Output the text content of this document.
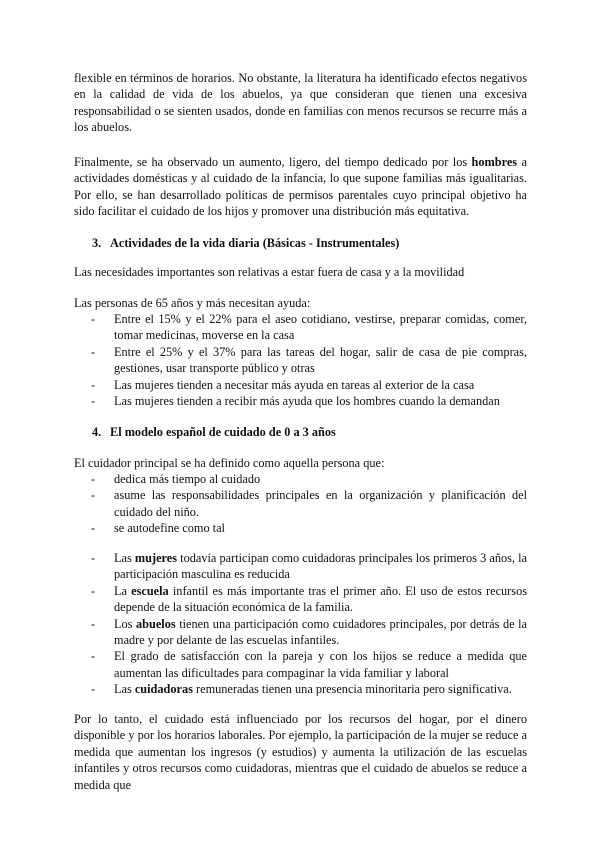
flexible en términos de horarios. No obstante, la literatura ha identificado efectos negativos en la calidad de vida de los abuelos, ya que consideran que tienen una excesiva responsabilidad o se sienten usados, donde en familias con menos recursos se recurre más a los abuelos.

Finalmente, se ha observado un aumento, ligero, del tiempo dedicado por los hombres a actividades domésticas y al cuidado de la infancia, lo que supone familias más igualitarias. Por ello, se han desarrollado políticas de permisos parentales cuyo principal objetivo ha sido facilitar el cuidado de los hijos y promover una distribución más equitativa.

3. Actividades de la vida diaria (Básicas - Instrumentales)

Las necesidades importantes son relativas a estar fuera de casa y a la movilidad

Las personas de 65 años y más necesitan ayuda:

- Entre el 15% y el 22% para el aseo cotidiano, vestirse, preparar comidas, comer, tomar medicinas, moverse en la casa
- Entre el 25% y el 37% para las tareas del hogar, salir de casa de pie compras, gestiones, usar transporte público y otras
- Las mujeres tienden a necesitar más ayuda en tareas al exterior de la casa
- Las mujeres tienden a recibir más ayuda que los hombres cuando la demandan

4. El modelo español de cuidado de 0 a 3 años

El cuidador principal se ha definido como aquella persona que:

- dedica más tiempo al cuidado
- asume las responsabilidades principales en la organización y planificación del cuidado del niño.
- se autodefine como tal
- Las mujeres todavía participan como cuidadoras principales los primeros 3 años, la participación masculina es reducida
- La escuela infantil es más importante tras el primer año. El uso de estos recursos depende de la situación económica de la familia.
- Los abuelos tienen una participación como cuidadores principales, por detrás de la madre y por delante de las escuelas infantiles.
- El grado de satisfacción con la pareja y con los hijos se reduce a medida que aumentan las dificultades para compaginar la vida familiar y laboral
- Las cuidadoras remuneradas tienen una presencia minoritaria pero significativa.

Por lo tanto, el cuidado está influenciado por los recursos del hogar, por el dinero disponible y por los horarios laborales. Por ejemplo, la participación de la mujer se reduce a medida que aumentan los ingresos (y estudios) y aumenta la utilización de las escuelas infantiles y otros recursos como cuidadoras, mientras que el cuidado de abuelos se reduce a medida que
